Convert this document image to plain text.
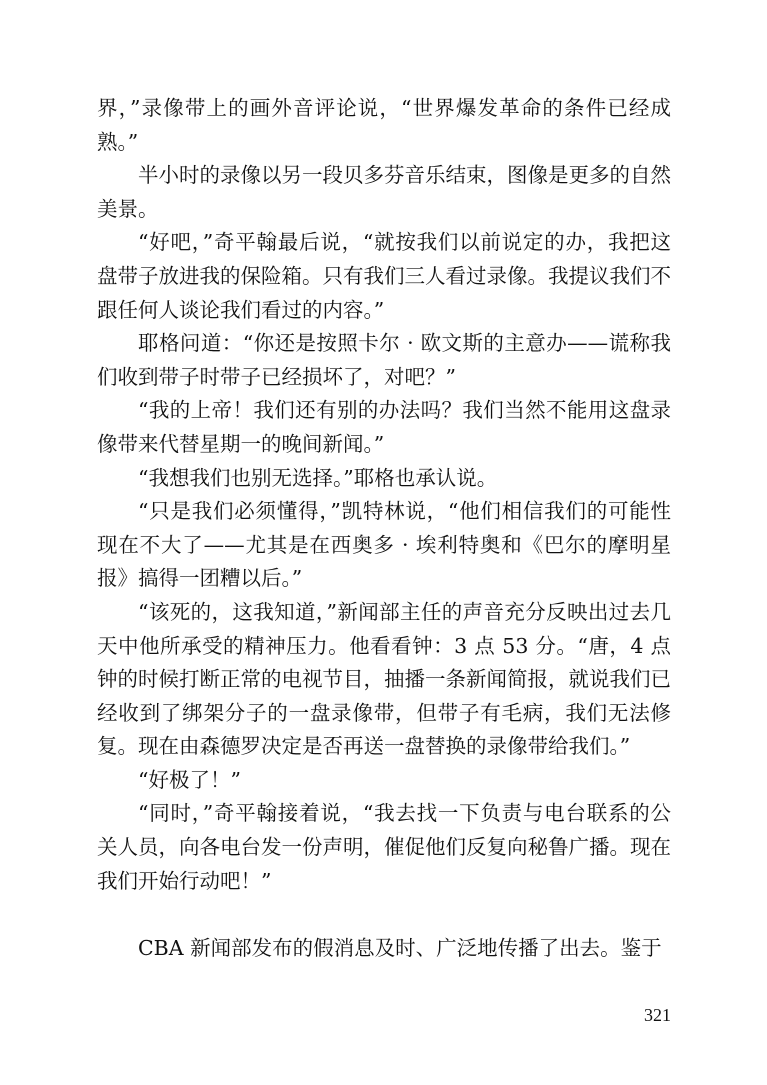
界，”录像带上的画外音评论说，“世界爆发革命的条件已经成熟。”

半小时的录像以另一段贝多芬音乐结束，图像是更多的自然美景。

“好吧，”奇平翰最后说，“就按我们以前说定的办，我把这盘带子放进我的保险箱。只有我们三人看过录像。我提议我们不跟任何人谈论我们看过的内容。”

耶格问道：“你还是按照卡尔 · 欧文斯的主意办——谎称我们收到带子时带子已经损坏了，对吧？”

“我的上帝！我们还有别的办法吗？我们当然不能用这盘录像带来代替星期一的晚间新闻。”

“我想我们也别无选择。”耶格也承认说。

“只是我们必须懂得，”凯特林说，“他们相信我们的可能性现在不大了——尤其是在西奥多 · 埃利特奥和《巴尔的摩明星报》搞得一团糟以后。”

“该死的，这我知道，”新闻部主任的声音充分反映出过去几天中他所承受的精神压力。他看看钟：3 点 53 分。“唐，4 点钟的时候打断正常的电视节目，抽播一条新闻简报，就说我们已经收到了绑架分子的一盘录像带，但带子有毛病，我们无法修复。现在由森德罗决定是否再送一盘替换的录像带给我们。”

“好极了！”

“同时，”奇平翰接着说，“我去找一下负责与电台联系的公关人员，向各电台发一份声明，催促他们反复向秘鲁广播。现在我们开始行动吧！”

CBA 新闻部发布的假消息及时、广泛地传播了出去。鉴于

321
